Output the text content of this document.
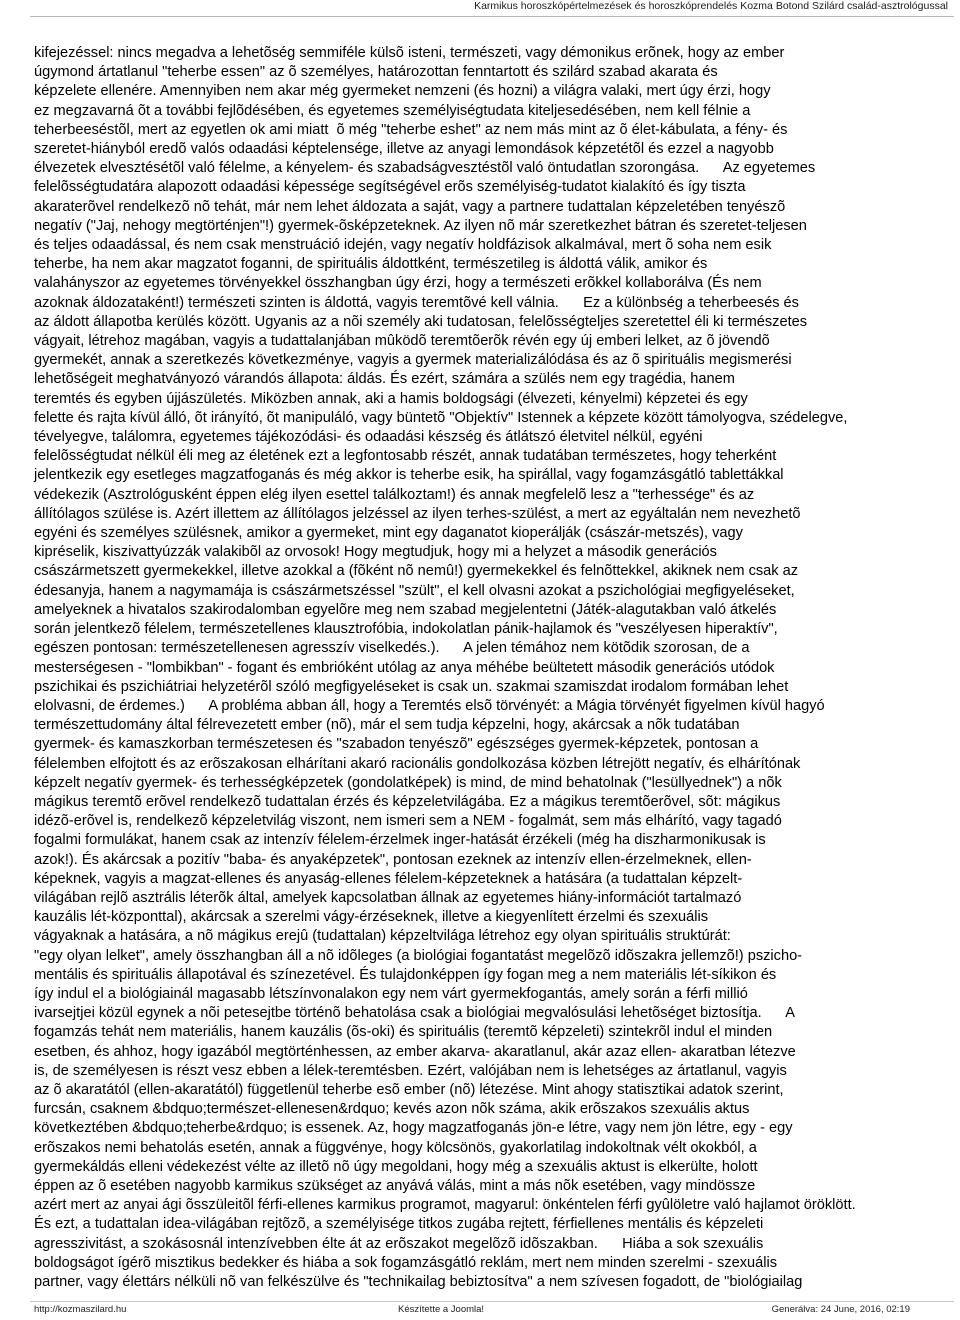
Karmikus horoszkópértelmezések és horoszkóprendelés Kozma Botond Szilárd család-asztrológussal

kifejezéssel: nincs megadva a lehetõség semmiféle külsõ isteni, természeti, vagy démonikus erõnek, hogy az ember

úgymond ártatlanul "teherbe essen" az õ személyes, határozottan fenntartott és szilárd szabad akarata és

képzelete ellenére. Amennyiben nem akar még gyermeket nemzeni (és hozni) a világra valaki, mert úgy érzi, hogy

ez megzavarná õt a további fejlõdésében, és egyetemes személyiségtudata kiteljesedésében, nem kell félnie a

teherbeeséstõl, mert az egyetlen ok ami miatt  õ még "teherbe eshet" az nem más mint az õ élet-kábulata, a fény- és

szeretet-hiányból eredõ valós odaadási képtelensége, illetve az anyagi lemondások képzetétõl és ezzel a nagyobb

élvezetek elvesztésétõl való félelme, a kényelem- és szabadságvesztéstõl való öntudatlan szorongása.      Az egyetemes

felelõsségtudatára alapozott odaadási képessége segítségével erõs személyiség-tudatot kialakító és így tiszta

akaraterõvel rendelkezõ nõ tehát, már nem lehet áldozata a saját, vagy a partnere tudattalan képzeletében tenyészõ

negatív ("Jaj, nehogy megtörténjen"!) gyermek-õsképzeteknek. Az ilyen nõ már szeretkezhet bátran és szeretet-teljesen

és teljes odaadással, és nem csak menstruáció idején, vagy negatív holdfázisok alkalmával, mert õ soha nem esik

teherbe, ha nem akar magzatot foganni, de spirituális áldottként, természetileg is áldottá válik, amikor és

valahányszor az egyetemes törvényekkel összhangban úgy érzi, hogy a természeti erõkkel kollaborálva (És nem

azoknak áldozataként!) természeti szinten is áldottá, vagyis teremtõvé kell válnia.      Ez a különbség a teherbeesés és

az áldott állapotba kerülés között. Ugyanis az a nõi személy aki tudatosan, felelõsségteljes szeretettel éli ki természetes

vágyait, létrehoz magában, vagyis a tudattalanjában mûködõ teremtõerõk révén egy új emberi lelket, az õ jövendõ

gyermekét, annak a szeretkezés következménye, vagyis a gyermek materializálódása és az õ spirituális megismerési

lehetõségeit meghatványozó várandós állapota: áldás. És ezért, számára a szülés nem egy tragédia, hanem

teremtés és egyben újjászületés. Miközben annak, aki a hamis boldogsági (élvezeti, kényelmi) képzetei és egy

felette és rajta kívül álló, õt irányító, õt manipuláló, vagy büntetõ "Objektív" Istennek a képzete között támolyogva, szédelegve,

tévelyegve, találomra, egyetemes tájékozódási- és odaadási készség és átlátszó életvitel nélkül, egyéni

felelõsségtudat nélkül éli meg az életének ezt a legfontosabb részét, annak tudatában természetes, hogy teherként

jelentkezik egy esetleges magzatfoganás és még akkor is teherbe esik, ha spirállal, vagy fogamzásgátló tablettákkal

védekezik (Asztrológusként éppen elég ilyen esettel találkoztam!) és annak megfelelõ lesz a "terhessége" és az

állítólagos szülése is. Azért illettem az állítólagos jelzéssel az ilyen terhes-szülést, a mert az egyáltalán nem nevezhetõ

egyéni és személyes szülésnek, amikor a gyermeket, mint egy daganatot kioperálják (császár-metszés), vagy

kipréselik, kiszivattyúzzák valakibõl az orvosok! Hogy megtudjuk, hogy mi a helyzet a második generációs

császármetszett gyermekekkel, illetve azokkal a (fõként nõ nemû!) gyermekekkel és felnõttekkel, akiknek nem csak az

édesanyja, hanem a nagymamája is császármetszéssel "szült", el kell olvasni azokat a pszichológiai megfigyeléseket,

amelyeknek a hivatalos szakirodalomban egyelõre meg nem szabad megjelentetni (Játék-alagutakban való átkelés

során jelentkezõ félelem, természetellenes klausztrofóbia, indokolatlan pánik-hajlamok és "veszélyesen hiperaktív",

egészen pontosan: természetellenesen agresszív viselkedés.).      A jelen témához nem kötõdik szorosan, de a

mesterségesen - "lombikban" - fogant és embrióként utólag az anya méhébe beültetett második generációs utódok

pszichikai és pszichiátriai helyzetérõl szóló megfigyeléseket is csak un. szakmai szamiszdat irodalom formában lehet

elolvasni, de érdemes.)      A probléma abban áll, hogy a Teremtés elsõ törvényét: a Mágia törvényét figyelmen kívül hagyó

természettudomány által félrevezetett ember (nõ), már el sem tudja képzelni, hogy, akárcsak a nõk tudatában

gyermek- és kamaszkorban természetesen és "szabadon tenyészõ" egészséges gyermek-képzetek, pontosan a

félelemben elfojtott és az erõszakosan elhárítani akaró racionális gondolkozása közben létrejött negatív, és elhárítónak

képzelt negatív gyermek- és terhességképzetek (gondolatképek) is mind, de mind behatolnak ("lesüllyednek") a nõk

mágikus teremtõ erõvel rendelkezõ tudattalan érzés és képzeletvilágába. Ez a mágikus teremtõerõvel, sõt: mágikus

idézõ-erõvel is, rendelkezõ képzeletvilág viszont, nem ismeri sem a NEM - fogalmát, sem más elhárító, vagy tagadó

fogalmi formulákat, hanem csak az intenzív félelem-érzelmek inger-hatását érzékeli (még ha diszharmonikusak is

azok!). És akárcsak a pozitív "baba- és anyaképzetek", pontosan ezeknek az intenzív ellen-érzelmeknek, ellen-

képeknek, vagyis a magzat-ellenes és anyaság-ellenes félelem-képzeteknek a hatására (a tudattalan képzelt-

világában rejlõ asztrális léterõk által, amelyek kapcsolatban állnak az egyetemes hiány-információt tartalmazó

kauzális lét-központtal), akárcsak a szerelmi vágy-érzéseknek, illetve a kiegyenlített érzelmi és szexuális

vágyaknak a hatására, a nõ mágikus erejû (tudattalan) képzeltvilága létrehoz egy olyan spirituális struktúrát:

"egy olyan lelket", amely összhangban áll a nõ idõleges (a biológiai fogantatást megelõzõ idõszakra jellemzõ!) pszicho-

mentális és spirituális állapotával és színezetével. És tulajdonképpen így fogan meg a nem materiális lét-síkikon és

így indul el a biológiainál magasabb létszínvonalakon egy nem várt gyermekfogantás, amely során a férfi millió

ivarsejtjei közül egynek a nõi petesejtbe történõ behatolása csak a biológiai megvalósulási lehetõséget biztosítja.      A

fogamzás tehát nem materiális, hanem kauzális (õs-oki) és spirituális (teremtõ képzeleti) szintekrõl indul el minden

esetben, és ahhoz, hogy igazából megtörténhessen, az ember akarva- akaratlanul, akár azaz ellen- akaratban létezve

is, de személyesen is részt vesz ebben a lélek-teremtésben. Ezért, valójában nem is lehetséges az ártatlanul, vagyis

az õ akaratától (ellen-akaratától) függetlenül teherbe esõ ember (nõ) létezése. Mint ahogy statisztikai adatok szerint,

furcsán, csaknem &bdquo;természet-ellenesen&rdquo; kevés azon nõk száma, akik erõszakos szexuális aktus

következtében &bdquo;teherbe&rdquo; is essenek. Az, hogy magzatfoganás jön-e létre, vagy nem jön létre, egy - egy

erõszakos nemi behatolás esetén, annak a függvénye, hogy kölcsönös, gyakorlatilag indokoltnak vélt okokból, a

gyermekáldás elleni védekezést vélte az illetõ nõ úgy megoldani, hogy még a szexuális aktust is elkerülte, holott

éppen az õ esetében nagyobb karmikus szükséget az anyává válás, mint a más nõk esetében, vagy mindössze

azért mert az anyai ági õsszüleitõl férfi-ellenes karmikus programot, magyarul: önkéntelen férfi gyûlöletre való hajlamot öröklött.

És ezt, a tudattalan idea-világában rejtõzõ, a személyisége titkos zugába rejtett, férfiellenes mentális és képzeleti

agresszivitást, a szokásosnál intenzívebben élte át az erõszakot megelõzõ idõszakban.      Hiába a sok szexuális

boldogságot ígérõ misztikus bedekker és hiába a sok fogamzásgátló reklám, mert nem minden szerelmi - szexuális

partner, vagy élettárs nélküli nõ van felkészülve és "technikailag bebiztosítva" a nem szívesen fogadott, de "biológiailag

http://kozmaszilard.hu	Készítette a Joomla!	Generálva: 24 June, 2016, 02:19
